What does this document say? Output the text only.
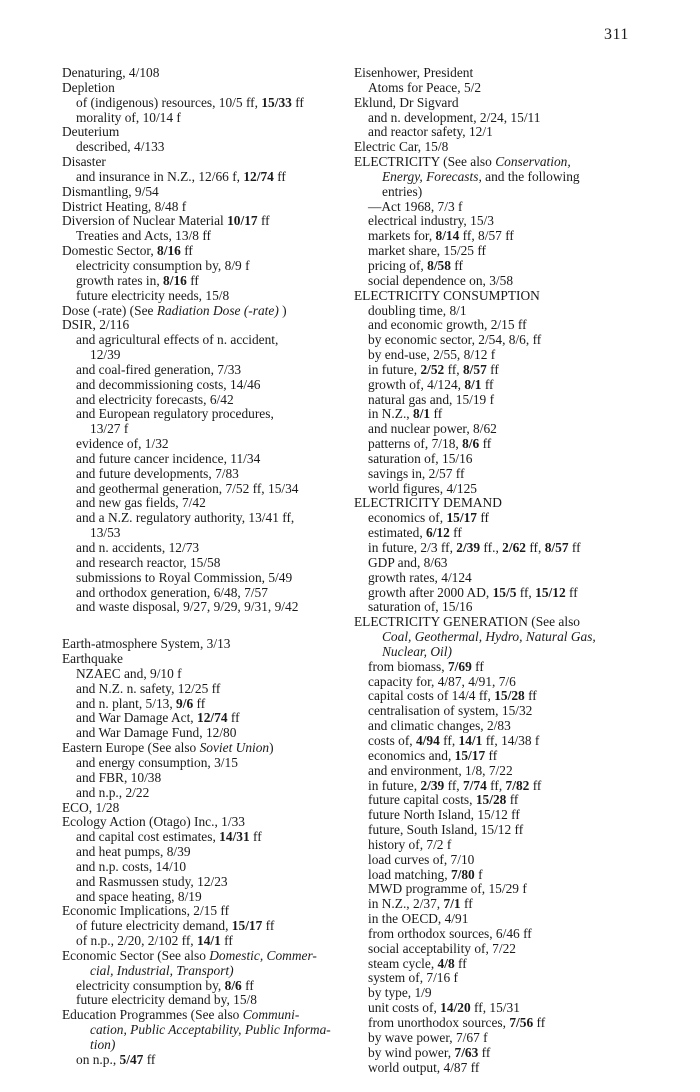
311
Denaturing, 4/108
Depletion
of (indigenous) resources, 10/5 ff, 15/33 ff
morality of, 10/14 f
Deuterium
described, 4/133
Disaster
and insurance in N.Z., 12/66 f, 12/74 ff
Dismantling, 9/54
District Heating, 8/48 f
Diversion of Nuclear Material 10/17 ff
Treaties and Acts, 13/8 ff
Domestic Sector, 8/16 ff
electricity consumption by, 8/9 f
growth rates in, 8/16 ff
future electricity needs, 15/8
Dose (-rate) (See Radiation Dose (-rate) )
DSIR, 2/116
and agricultural effects of n. accident,
12/39
and coal-fired generation, 7/33
and decommissioning costs, 14/46
and electricity forecasts, 6/42
and European regulatory procedures,
13/27 f
evidence of, 1/32
and future cancer incidence, 11/34
and future developments, 7/83
and geothermal generation, 7/52 ff, 15/34
and new gas fields, 7/42
and a N.Z. regulatory authority, 13/41 ff,
13/53
and n. accidents, 12/73
and research reactor, 15/58
submissions to Royal Commission, 5/49
and orthodox generation, 6/48, 7/57
and waste disposal, 9/27, 9/29, 9/31, 9/42
Earth-atmosphere System, 3/13
Earthquake
NZAEC and, 9/10 f
and N.Z. n. safety, 12/25 ff
and n. plant, 5/13, 9/6 ff
and War Damage Act, 12/74 ff
and War Damage Fund, 12/80
Eastern Europe (See also Soviet Union)
and energy consumption, 3/15
and FBR, 10/38
and n.p., 2/22
ECO, 1/28
Ecology Action (Otago) Inc., 1/33
and capital cost estimates, 14/31 ff
and heat pumps, 8/39
and n.p. costs, 14/10
and Rasmussen study, 12/23
and space heating, 8/19
Economic Implications, 2/15 ff
of future electricity demand, 15/17 ff
of n.p., 2/20, 2/102 ff, 14/1 ff
Economic Sector (See also Domestic, Commer-
cial, Industrial, Transport)
electricity consumption by, 8/6 ff
future electricity demand by, 15/8
Education Programmes (See also Communi-
cation, Public Acceptability, Public Informa-
tion)
on n.p., 5/47 ff
Eisenhower, President
Atoms for Peace, 5/2
Eklund, Dr Sigvard
and n. development, 2/24, 15/11
and reactor safety, 12/1
Electric Car, 15/8
ELECTRICITY (See also Conservation,
Energy, Forecasts, and the following
entries)
—Act 1968, 7/3 f
electrical industry, 15/3
markets for, 8/14 ff, 8/57 ff
market share, 15/25 ff
pricing of, 8/58 ff
social dependence on, 3/58
ELECTRICITY CONSUMPTION
doubling time, 8/1
and economic growth, 2/15 ff
by economic sector, 2/54, 8/6, ff
by end-use, 2/55, 8/12 f
in future, 2/52 ff, 8/57 ff
growth of, 4/124, 8/1 ff
natural gas and, 15/19 f
in N.Z., 8/1 ff
and nuclear power, 8/62
patterns of, 7/18, 8/6 ff
saturation of, 15/16
savings in, 2/57 ff
world figures, 4/125
ELECTRICITY DEMAND
economics of, 15/17 ff
estimated, 6/12 ff
in future, 2/3 ff, 2/39 ff., 2/62 ff, 8/57 ff
GDP and, 8/63
growth rates, 4/124
growth after 2000 AD, 15/5 ff, 15/12 ff
saturation of, 15/16
ELECTRICITY GENERATION (See also
Coal, Geothermal, Hydro, Natural Gas,
Nuclear, Oil)
from biomass, 7/69 ff
capacity for, 4/87, 4/91, 7/6
capital costs of 14/4 ff, 15/28 ff
centralisation of system, 15/32
and climatic changes, 2/83
costs of, 4/94 ff, 14/1 ff, 14/38 f
economics and, 15/17 ff
and environment, 1/8, 7/22
in future, 2/39 ff, 7/74 ff, 7/82 ff
future capital costs, 15/28 ff
future North Island, 15/12 ff
future, South Island, 15/12 ff
history of, 7/2 f
load curves of, 7/10
load matching, 7/80 f
MWD programme of, 15/29 f
in N.Z., 2/37, 7/1 ff
in the OECD, 4/91
from orthodox sources, 6/46 ff
social acceptability of, 7/22
steam cycle, 4/8 ff
system of, 7/16 f
by type, 1/9
unit costs of, 14/20 ff, 15/31
from unorthodox sources, 7/56 ff
by wave power, 7/67 f
by wind power, 7/63 ff
world output, 4/87 ff
